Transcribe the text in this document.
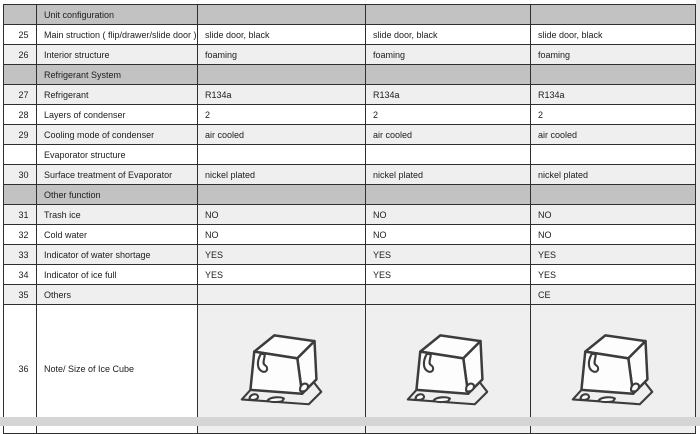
	Unit configuration			
25	Main struction ( flip/drawer/slide door )	slide door, black	slide door, black	slide door, black
26	Interior structure	foaming	foaming	foaming
	Refrigerant System			
27	Refrigerant	R134a	R134a	R134a
28	Layers of condenser	2	2	2
29	Cooling mode of condenser	air cooled	air cooled	air cooled
	Evaporator structure			
30	Surface treatment of Evaporator	nickel plated	nickel plated	nickel plated
	Other function			
31	Trash ice	NO	NO	NO
32	Cold water	NO	NO	NO
33	Indicator of water shortage	YES	YES	YES
34	Indicator of ice full	YES	YES	YES
35	Others			CE
36	Note/ Size of Ice Cube	
